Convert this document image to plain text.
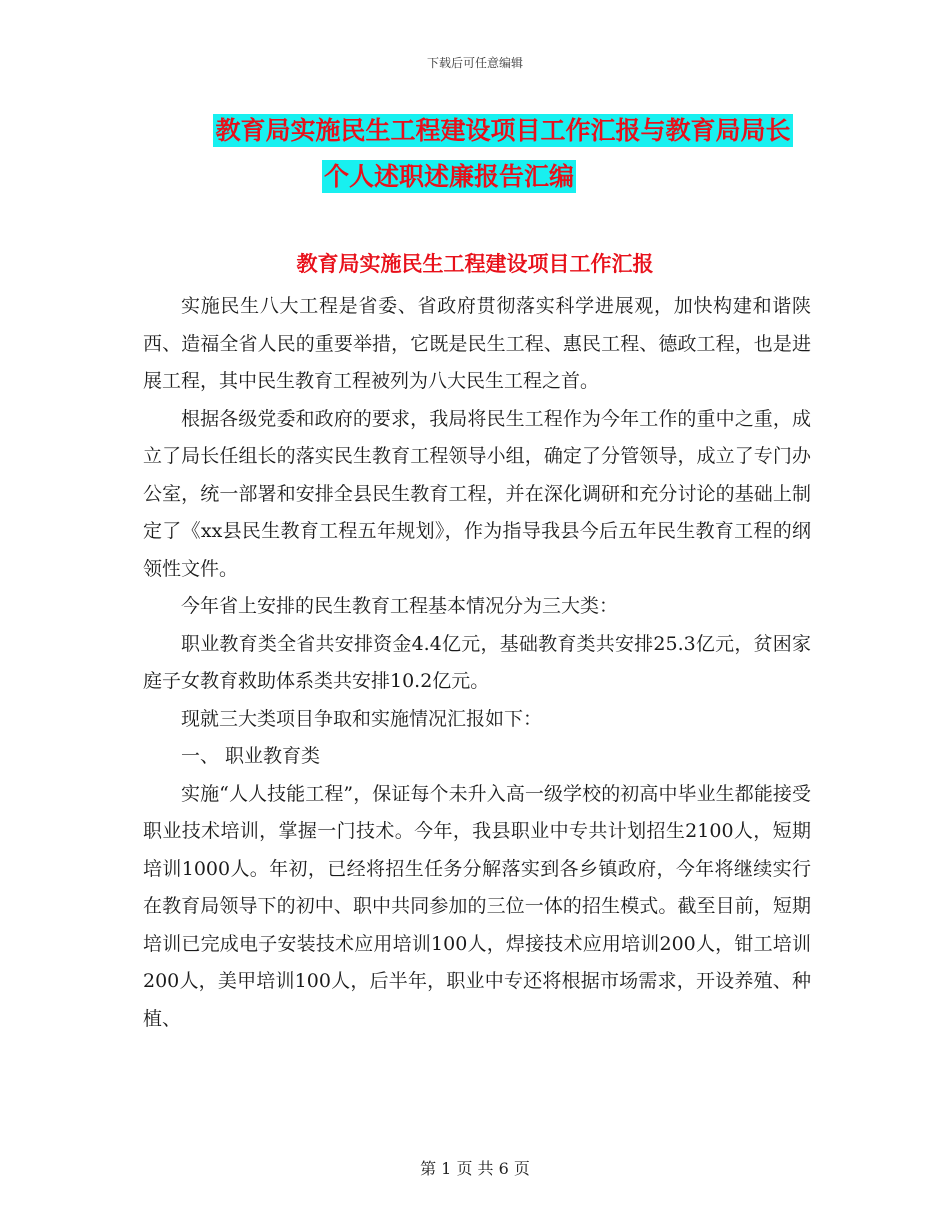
下载后可任意编辑
教育局实施民生工程建设项目工作汇报与教育局局长
个人述职述廉报告汇编
教育局实施民生工程建设项目工作汇报

实施民生八大工程是省委、省政府贯彻落实科学进展观，加快构建和谐陕西、造福全省人民的重要举措，它既是民生工程、惠民工程、德政工程，也是进展工程，其中民生教育工程被列为八大民生工程之首。

根据各级党委和政府的要求，我局将民生工程作为今年工作的重中之重，成立了局长任组长的落实民生教育工程领导小组，确定了分管领导，成立了专门办公室，统一部署和安排全县民生教育工程，并在深化调研和充分讨论的基础上制定了《xx县民生教育工程五年规划》，作为指导我县今后五年民生教育工程的纲领性文件。

今年省上安排的民生教育工程基本情况分为三大类：

职业教育类全省共安排资金4.4亿元，基础教育类共安排25.3亿元，贫困家庭子女教育救助体系类共安排10.2亿元。

现就三大类项目争取和实施情况汇报如下：

一、 职业教育类

实施“人人技能工程”，保证每个未升入高一级学校的初高中毕业生都能接受职业技术培训，掌握一门技术。今年，我县职业中专共计划招生2100人，短期培训1000人。年初，已经将招生任务分解落实到各乡镇政府，今年将继续实行在教育局领导下的初中、职中共同参加的三位一体的招生模式。截至目前，短期培训已完成电子安装技术应用培训100人，焊接技术应用培训200人，钳工培训200人，美甲培训100人，后半年，职业中专还将根据市场需求，开设养殖、种植、

第 1 页 共 6 页
